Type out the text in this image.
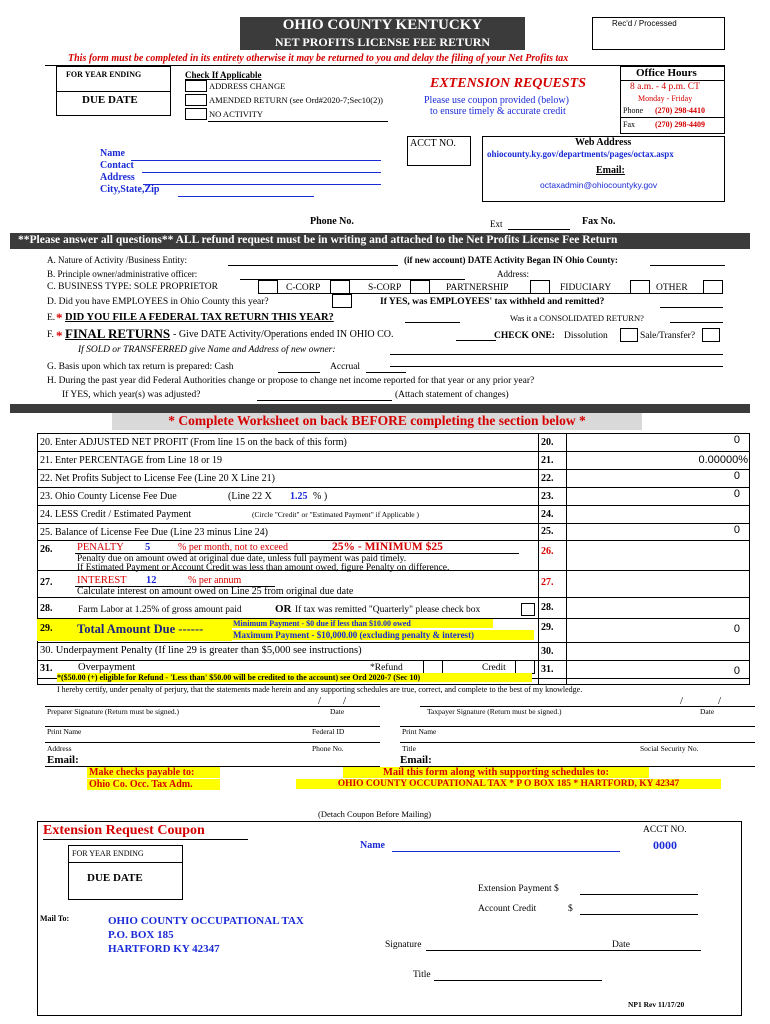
OHIO COUNTY KENTUCKY
NET PROFITS LICENSE FEE RETURN
Rec'd / Processed
This form must be completed in its entirety otherwise it may be returned to you and delay the filing of your Net Profits tax
FOR YEAR ENDING
DUE DATE
Check If Applicable
ADDRESS CHANGE
AMENDED RETURN (see Ord#2020-7;Sec10(2))
NO ACTIVITY
EXTENSION REQUESTS
Please use coupon provided (below)
to ensure timely & accurate credit
Office Hours
8 a.m. - 4 p.m. CT
Monday - Friday
Phone (270) 298-4410
Fax	(270) 298-4409
ACCT NO.	Web Address
ohiocounty.ky.gov/departments/pages/octax.aspx
Email:
octaxadmin@ohiocountyky.gov
Name
Contact
Address
City,State,Zip
Phone No.	Ext	Fax No.
**Please answer all questions** ALL refund request must be in writing and attached to the Net Profits License Fee Return
A. Nature of Activity /Business Entity:	(if new account) DATE Activity Began IN Ohio County:
B. Principle owner/administrative officer:	Address:
C. BUSINESS TYPE: SOLE PROPRIETOR	C-CORP	S-CORP	PARTNERSHIP	FIDUCIARY	OTHER
D. Did you have EMPLOYEES in Ohio County this year?	If YES, was EMPLOYEES' tax withheld and remitted?
*
E. DID YOU FILE A FEDERAL TAX RETURN THIS YEAR?	Was it a CONSOLIDATED RETURN?
F. * FINAL RETURNS - Give DATE Activity/Operations ended IN OHIO CO.	CHECK ONE: Dissolution	Sale/Transfer?
If SOLD or TRANSFERRED give Name and Address of new owner:
G. Basis upon which tax return is prepared: Cash	Accrual
H. During the past year did Federal Authorities change or propose to change net income reported for that year or any prior year?
If YES, which year(s) was adjusted?	(Attach statement of changes)
* Complete Worksheet on back BEFORE completing the section below *
20. Enter ADJUSTED NET PROFIT (From line 15 on the back of this form)	20.	0
21. Enter PERCENTAGE from Line 18 or 19	21.	0.00000%
22. Net Profits Subject to License Fee (Line 20 X Line 21)	22.	0
23. Ohio County License Fee Due	(Line 22 X 1.25 % )	23.	0
24. LESS Credit / Estimated Payment	(Circle "Credit" or "Estimated Payment" if Applicable )	24.
25. Balance of License Fee Due (Line 23 minus Line 24)	25.	0
26. PENALTY 5	% per month, not to exceed	25% - MINIMUM $25
Penalty due on amount owed at original due date, unless full payment was paid timely.
If Estimated Payment or Account Credit was less than amount owed, figure Penalty on difference.
26.
27. INTEREST 12	% per annum
Calculate interest on amount owed on Line 25 from original due date
27.
28.	Farm Labor at 1.25% of gross amount paid	OR If tax was remitted "Quarterly" please check box	28.
29. Total Amount Due ------	Minimum Payment - $0 due if less than $10.00 owed
Maximum Payment - $10,000.00 (excluding penalty & interest)
29.	0
30. Underpayment Penalty (If line 29 is greater than $5,000 see instructions)	30.
31. Overpayment	*Refund	Credit	31.	0
*($50.00 (+) eligible for Refund - 'Less than' $50.00 will be credited to the account) see Ord 2020-7 (Sec 10)
I hereby certify, under penalty of perjury, that the statements made herein and any supporting schedules are true, correct, and complete to the best of my knowledge.
/ /	/	/
Preparer Signature (Return must be signed.)	Date	Taxpayer Signature (Return must be signed.)	Date
Print Name	Federal ID	Print Name
Address	Phone No.	Title	Social Security No.
Email:	Email:
Make checks payable to:
Ohio Co. Occ. Tax Adm.
Mail this form along with supporting schedules to:
OHIO COUNTY OCCUPATIONAL TAX * P O BOX 185 * HARTFORD, KY 42347
(Detach Coupon Before Mailing)
Extension Request Coupon	ACCT NO.
0000
Name
FOR YEAR ENDING
DUE DATE
Extension Payment $
Account Credit	$
Mail To:	OHIO COUNTY OCCUPATIONAL TAX
P.O. BOX 185
HARTFORD KY 42347	Signature	Date
Title
NP1 Rev 11/17/20
